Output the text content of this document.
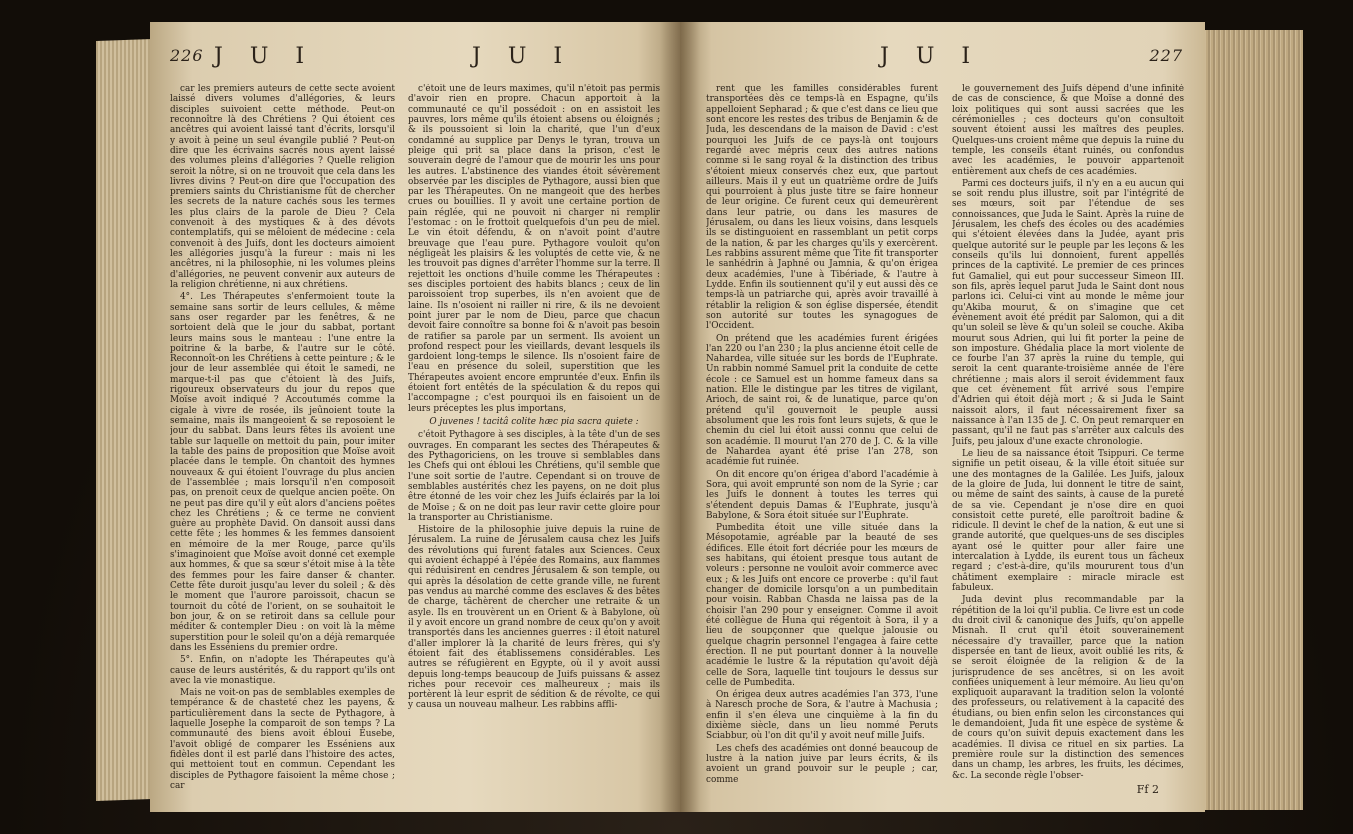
226 J U I	J U I

car les premiers auteurs de cette secte avoient laissé divers volumes d'allégories, & leurs disciples suivoient cette méthode. Peut-on reconnoître là des Chrétiens ? Qui étoient ces ancêtres qui avoient laissé tant d'écrits, lorsqu'il y avoit à peine un seul évangile publié ? Peut-on dire que les écrivains sacrés nous ayent laissé des volumes pleins d'allégories ? Quelle religion seroit la nôtre, si on ne trouvoit que cela dans les livres divins ? Peut-on dire que l'occupation des premiers saints du Christianisme fût de chercher les secrets de la nature cachés sous les termes les plus clairs de la parole de Dieu ? Cela convenoit à des mystiques & à des dévots contemplatifs, qui se mêloient de médecine : cela convenoit à des Juifs, dont les docteurs aimoient les allégories jusqu'à la fureur : mais ni les ancêtres, ni la philosophie, ni les volumes pleins d'allégories, ne peuvent convenir aux auteurs de la religion chrétienne, ni aux chrétiens.

4°. Les Thérapeutes s'enfermoient toute la semaine sans sortir de leurs cellules, & même sans oser regarder par les fenêtres, & ne sortoient delà que le jour du sabbat, portant leurs mains sous le manteau : l'une entre la poitrine & la barbe, & l'autre sur le côté. Reconnoît-on les Chrétiens à cette peinture ; & le jour de leur assemblée qui étoit le samedi, ne marque-t-il pas que c'étoient là des Juifs, rigoureux observateurs du jour du repos que Moïse avoit indiqué ? Accoutumés comme la cigale à vivre de rosée, ils jeûnoient toute la semaine, mais ils mangeoient & se reposoient le jour du sabbat. Dans leurs fêtes ils avoient une table sur laquelle on mettoit du pain, pour imiter la table des pains de proposition que Moïse avoit placée dans le temple. On chantoit des hymnes nouveaux & qui étoient l'ouvrage du plus ancien de l'assemblée ; mais lorsqu'il n'en composoit pas, on prenoit ceux de quelque ancien poëte. On ne peut pas dire qu'il y eût alors d'anciens poëtes chez les Chrétiens ; & ce terme ne convient guère au prophète David. On dansoit aussi dans cette fête ; les hommes & les femmes dansoient en mémoire de la mer Rouge, parce qu'ils s'imaginoient que Moïse avoit donné cet exemple aux hommes, & que sa sœur s'étoit mise à la tête des femmes pour les faire danser & chanter. Cette fête duroit jusqu'au lever du soleil ; & dès le moment que l'aurore paroissoit, chacun se tournoit du côté de l'orient, on se souhaitoit le bon jour, & on se retiroit dans sa cellule pour méditer & contempler Dieu : on voit là la même superstition pour le soleil qu'on a déjà remarquée dans les Esséniens du premier ordre.

5°. Enfin, on n'adopte les Thérapeutes qu'à cause de leurs austérités, & du rapport qu'ils ont avec la vie monastique.

Mais ne voit-on pas de semblables exemples de tempérance & de chasteté chez les payens, & particulièrement dans la secte de Pythagore, à laquelle Josephe la comparoit de son temps ? La communauté des biens avoit ébloui Eusebe, l'avoit obligé de comparer les Esséniens aux fidèles dont il est parlé dans l'histoire des actes, qui mettoient tout en commun. Cependant les disciples de Pythagore faisoient la même chose ; car

c'étoit une de leurs maximes, qu'il n'étoit pas permis d'avoir rien en propre. Chacun apportoit à la communauté ce qu'il possédoit : on en assistoit les pauvres, lors même qu'ils étoient absens ou éloignés ; & ils poussoient si loin la charité, que l'un d'eux condamné au supplice par Denys le tyran, trouva un pleige qui prit sa place dans la prison, c'est le souverain degré de l'amour que de mourir les uns pour les autres. L'abstinence des viandes étoit sévèrement observée par les disciples de Pythagore, aussi bien que par les Thérapeutes. On ne mangeoit que des herbes crues ou bouillies. Il y avoit une certaine portion de pain réglée, qui ne pouvoit ni charger ni remplir l'estomac : on le frottoit quelquefois d'un peu de miel. Le vin étoit défendu, & on n'avoit point d'autre breuvage que l'eau pure. Pythagore vouloit qu'on négligeât les plaisirs & les voluptés de cette vie, & ne les trouvoit pas dignes d'arrêter l'homme sur la terre. Il rejettoit les onctions d'huile comme les Thérapeutes : ses disciples portoient des habits blancs ; ceux de lin paroissoient trop superbes, ils n'en avoient que de laine. Ils n'osoient ni railler ni rire, & ils ne devoient point jurer par le nom de Dieu, parce que chacun devoit faire connoître sa bonne foi & n'avoit pas besoin de ratifier sa parole par un serment. Ils avoient un profond respect pour les vieillards, devant lesquels ils gardoient long-temps le silence. Ils n'osoient faire de l'eau en présence du soleil, superstition que les Thérapeutes avoient encore empruntée d'eux. Enfin ils étoient fort entêtés de la spéculation & du repos qui l'accompagne ; c'est pourquoi ils en faisoient un de leurs préceptes les plus importans,

O juvenes ! tacitâ colite hæc pia sacra quiete :

c'étoit Pythagore à ses disciples, à la tête d'un de ses ouvrages. En comparant les sectes des Thérapeutes & des Pythagoriciens, on les trouve si semblables dans les Chefs qui ont ébloui les Chrétiens, qu'il semble que l'une soit sortie de l'autre. Cependant si on trouve de semblables austérités chez les payens, on ne doit plus être étonné de les voir chez les Juifs éclairés par la loi de Moïse ; & on ne doit pas leur ravir cette gloire pour la transporter au Christianisme.

Histoire de la philosophie juive depuis la ruine de Jérusalem. La ruine de Jérusalem causa chez les Juifs des révolutions qui furent fatales aux Sciences. Ceux qui avoient échappé à l'épée des Romains, aux flammes qui réduisirent en cendres Jérusalem & son temple, ou qui après la désolation de cette grande ville, ne furent pas vendus au marché comme des esclaves & des bêtes de charge, tâchèrent de chercher une retraite & un asyle. Ils en trouvèrent un en Orient & à Babylone, où il y avoit encore un grand nombre de ceux qu'on y avoit transportés dans les anciennes guerres : il étoit naturel d'aller implorer là la charité de leurs frères, qui s'y étoient fait des établissemens considérables. Les autres se réfugièrent en Egypte, où il y avoit aussi depuis long-temps beaucoup de Juifs puissans & assez riches pour recevoir ces malheureux ; mais ils portèrent là leur esprit de sédition & de révolte, ce qui y causa un nouveau malheur. Les rabbins affli-

J U I	227

rent que les familles considérables furent transportées dès ce temps-là en Espagne, qu'ils appelloient Sepharad ; & que c'est dans ce lieu que sont encore les restes des tribus de Benjamin & de Juda, les descendans de la maison de David : c'est pourquoi les Juifs de ce pays-là ont toujours regardé avec mépris ceux des autres nations comme si le sang royal & la distinction des tribus s'étoient mieux conservés chez eux, que partout ailleurs. Mais il y eut un quatrième ordre de Juifs qui pourroient à plus juste titre se faire honneur de leur origine. Ce furent ceux qui demeurèrent dans leur patrie, ou dans les masures de Jérusalem, ou dans les lieux voisins, dans lesquels ils se distinguoient en rassemblant un petit corps de la nation, & par les charges qu'ils y exercèrent. Les rabbins assurent même que Tite fit transporter le sanhédrin à Japhné ou Jamnia, & qu'on érigea deux académies, l'une à Tibériade, & l'autre à Lydde. Enfin ils soutiennent qu'il y eut aussi dès ce temps-là un patriarche qui, après avoir travaillé à rétablir la religion & son église dispersée, étendit son autorité sur toutes les synagogues de l'Occident.

On prétend que les académies furent érigées l'an 220 ou l'an 230 ; la plus ancienne étoit celle de Nahardea, ville située sur les bords de l'Euphrate. Un rabbin nommé Samuel prit la conduite de cette école : ce Samuel est un homme fameux dans sa nation. Elle le distingue par les titres de vigilant, Arioch, de saint roi, & de lunatique, parce qu'on prétend qu'il gouvernoit le peuple aussi absolument que les rois font leurs sujets, & que le chemin du ciel lui étoit aussi connu que celui de son académie. Il mourut l'an 270 de J. C. & la ville de Nahardea ayant été prise l'an 278, son académie fut ruinée.

On dit encore qu'on érigea d'abord l'académie à Sora, qui avoit emprunté son nom de la Syrie ; car les Juifs le donnent à toutes les terres qui s'étendent depuis Damas & l'Euphrate, jusqu'à Babylone, & Sora étoit située sur l'Euphrate.

Pumbedita étoit une ville située dans la Mésopotamie, agréable par la beauté de ses édifices. Elle étoit fort décriée pour les mœurs de ses habitans, qui étoient presque tous autant de voleurs : personne ne vouloit avoir commerce avec eux ; & les Juifs ont encore ce proverbe : qu'il faut changer de domicile lorsqu'on a un pumbeditain pour voisin. Rabban Chasda ne laissa pas de la choisir l'an 290 pour y enseigner. Comme il avoit été collègue de Huna qui régentoit à Sora, il y a lieu de soupçonner que quelque jalousie ou quelque chagrin personnel l'engagea à faire cette érection. Il ne put pourtant donner à la nouvelle académie le lustre & la réputation qu'avoit déjà celle de Sora, laquelle tint toujours le dessus sur celle de Pumbedita.

On érigea deux autres académies l'an 373, l'une à Naresch proche de Sora, & l'autre à Machusia ; enfin il s'en éleva une cinquième à la fin du dixième siècle, dans un lieu nommé Peruts Sciabbur, où l'on dit qu'il y avoit neuf mille Juifs.

Les chefs des académies ont donné beaucoup de lustre à la nation juive par leurs écrits, & ils avoient un grand pouvoir sur le peuple ; car, comme

le gouvernement des Juifs dépend d'une infinité de cas de conscience, & que Moïse a donné des loix politiques qui sont aussi sacrées que les cérémonielles ; ces docteurs qu'on consultoit souvent étoient aussi les maîtres des peuples. Quelques-uns croient même que depuis la ruine du temple, les conseils étant ruinés, ou confondus avec les académies, le pouvoir appartenoit entièrement aux chefs de ces académies.

Parmi ces docteurs juifs, il n'y en a eu aucun qui se soit rendu plus illustre, soit par l'intégrité de ses mœurs, soit par l'étendue de ses connoissances, que Juda le Saint. Après la ruine de Jérusalem, les chefs des écoles ou des académies qui s'étoient élevées dans la Judée, ayant pris quelque autorité sur le peuple par les leçons & les conseils qu'ils lui donnoient, furent appellés princes de la captivité. Le premier de ces princes fut Gamaliel, qui eut pour successeur Simeon III. son fils, après lequel parut Juda le Saint dont nous parlons ici. Celui-ci vint au monde le même jour qu'Akiba mourut, & on s'imagine que cet évènement avoit été prédit par Salomon, qui a dit qu'un soleil se lève & qu'un soleil se couche. Akiba mourut sous Adrien, qui lui fit porter la peine de son imposture. Ghédalia place la mort violente de ce fourbe l'an 37 après la ruine du temple, qui seroit la cent quarante-troisième année de l'ère chrétienne ; mais alors il seroit évidemment faux que cet évènement fût arrivé sous l'empire d'Adrien qui étoit déjà mort ; & si Juda le Saint naissoit alors, il faut nécessairement fixer sa naissance à l'an 135 de J. C. On peut remarquer en passant, qu'il ne faut pas s'arrêter aux calculs des Juifs, peu jaloux d'une exacte chronologie.

Le lieu de sa naissance étoit Tsippuri. Ce terme signifie un petit oiseau, & la ville étoit située sur une des montagnes de la Galilée. Les Juifs, jaloux de la gloire de Juda, lui donnent le titre de saint, ou même de saint des saints, à cause de la pureté de sa vie. Cependant je n'ose dire en quoi consistoit cette pureté, elle paroîtroit badine & ridicule. Il devint le chef de la nation, & eut une si grande autorité, que quelques-uns de ses disciples ayant osé le quitter pour aller faire une intercalation à Lydde, ils eurent tous un fâcheux regard ; c'est-à-dire, qu'ils moururent tous d'un châtiment exemplaire : miracle miracle est fabuleux.

Juda devint plus recommandable par la répétition de la loi qu'il publia. Ce livre est un code du droit civil & canonique des Juifs, qu'on appelle Misnah. Il crut qu'il étoit souverainement nécessaire d'y travailler, parce que la nation dispersée en tant de lieux, avoit oublié les rits, & se seroit éloignée de la religion & de la jurisprudence de ses ancêtres, si on les avoit confiées uniquement à leur mémoire. Au lieu qu'on expliquoit auparavant la tradition selon la volonté des professeurs, ou relativement à la capacité des étudians, ou bien enfin selon les circonstances qui le demandoient, Juda fit une espèce de système & de cours qu'on suivit depuis exactement dans les académies. Il divisa ce rituel en six parties. La première roule sur la distinction des semences dans un champ, les arbres, les fruits, les décimes, &c. La seconde règle l'obser-

Ff 2
